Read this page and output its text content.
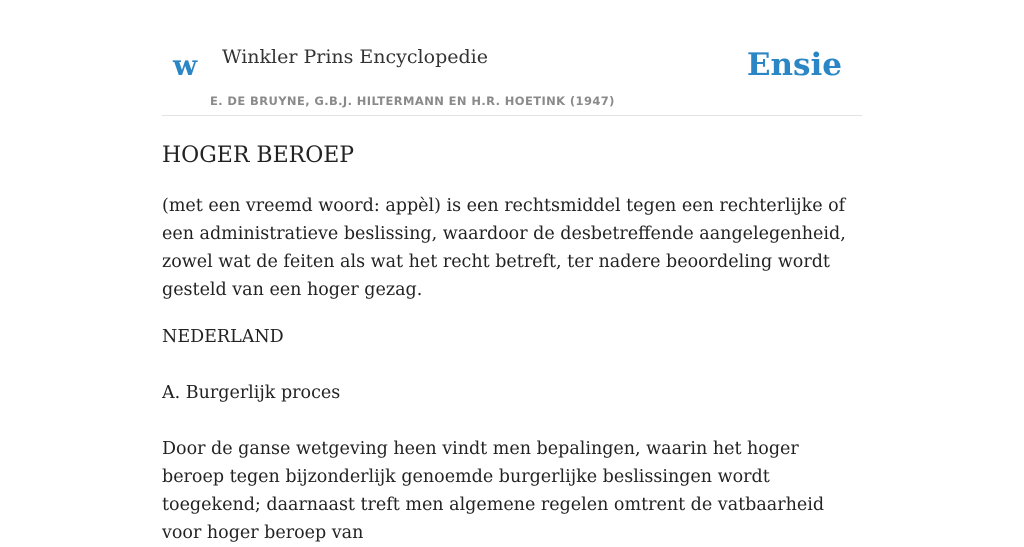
w Winkler Prins Encyclopedie
E. DE BRUYNE, G.B.J. HILTERMANN EN H.R. HOETINK (1947)
Ensie
HOGER BEROEP

(met een vreemd woord: appèl) is een rechtsmiddel tegen een rechterlijke of een administratieve beslissing, waardoor de desbetreffende aangelegenheid, zowel wat de feiten als wat het recht betreft, ter nadere beoordeling wordt gesteld van een hoger gezag.

NEDERLAND

A. Burgerlijk proces

Door de ganse wetgeving heen vindt men bepalingen, waarin het hoger beroep tegen bijzonderlijk genoemde burgerlijke beslissingen wordt toegekend; daarnaast treft men algemene regelen omtrent de vatbaarheid voor hoger beroep van
